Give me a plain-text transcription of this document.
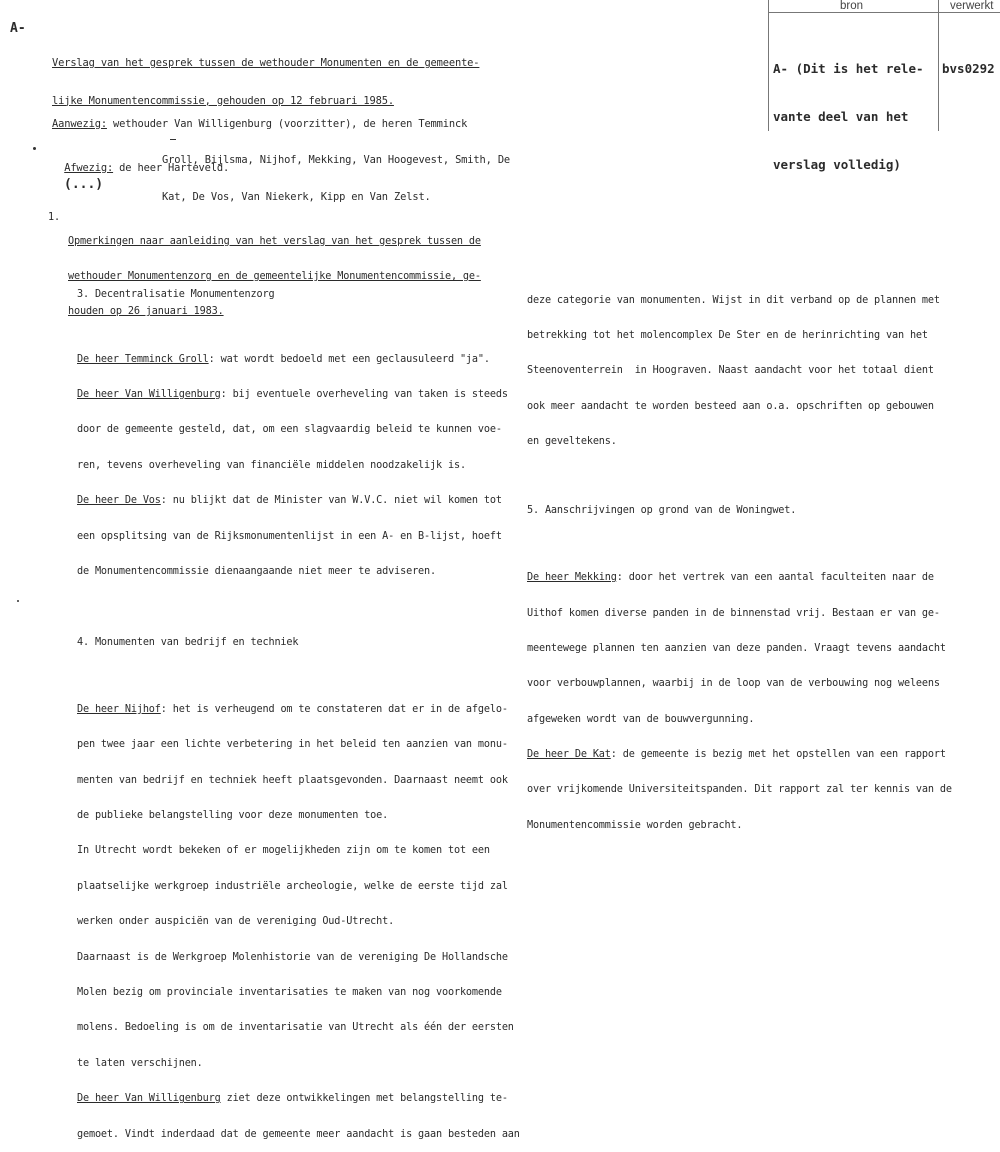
A-
bron	verwerkt

A- (Dit is het rele-

vante deel van het

verslag volledig)

bvs0292

Verslag van het gesprek tussen de wethouder Monumenten en de gemeente-

lijke Monumentencommissie, gehouden op 12 februari 1985.

Aanwezig: wethouder Van Willigenburg (voorzitter), de heren Temminck

Groll, Bijlsma, Nijhof, Mekking, Van Hoogevest, Smith, De

Kat, De Vos, Van Niekerk, Kipp en Van Zelst.

Afwezig: de heer Harteveld.

(...)
1.

Opmerkingen naar aanleiding van het verslag van het gesprek tussen de

wethouder Monumentenzorg en de gemeentelijke Monumentencommissie, ge-

houden op 26 januari 1983.

3. Decentralisatie Monumentenzorg

De heer Temminck Groll: wat wordt bedoeld met een geclausuleerd "ja".

De heer Van Willigenburg: bij eventuele overheveling van taken is steeds

door de gemeente gesteld, dat, om een slagvaardig beleid te kunnen voe-

ren, tevens overheveling van financiële middelen noodzakelijk is.

De heer De Vos: nu blijkt dat de Minister van W.V.C. niet wil komen tot

een opsplitsing van de Rijksmonumentenlijst in een A- en B-lijst, hoeft

de Monumentencommissie dienaangaande niet meer te adviseren.

4. Monumenten van bedrijf en techniek

De heer Nijhof: het is verheugend om te constateren dat er in de afgelo-

pen twee jaar een lichte verbetering in het beleid ten aanzien van monu-

menten van bedrijf en techniek heeft plaatsgevonden. Daarnaast neemt ook

de publieke belangstelling voor deze monumenten toe.

In Utrecht wordt bekeken of er mogelijkheden zijn om te komen tot een

plaatselijke werkgroep industriële archeologie, welke de eerste tijd zal

werken onder auspiciën van de vereniging Oud-Utrecht.

Daarnaast is de Werkgroep Molenhistorie van de vereniging De Hollandsche

Molen bezig om provinciale inventarisaties te maken van nog voorkomende

molens. Bedoeling is om de inventarisatie van Utrecht als één der eersten

te laten verschijnen.

De heer Van Willigenburg ziet deze ontwikkelingen met belangstelling te-

gemoet. Vindt inderdaad dat de gemeente meer aandacht is gaan besteden aan

deze categorie van monumenten. Wijst in dit verband op de plannen met

betrekking tot het molencomplex De Ster en de herinrichting van het

Steenoventerrein  in Hoograven. Naast aandacht voor het totaal dient

ook meer aandacht te worden besteed aan o.a. opschriften op gebouwen

en geveltekens.

5. Aanschrijvingen op grond van de Woningwet.

De heer Mekking: door het vertrek van een aantal faculteiten naar de

Uithof komen diverse panden in de binnenstad vrij. Bestaan er van ge-

meentewege plannen ten aanzien van deze panden. Vraagt tevens aandacht

voor verbouwplannen, waarbij in de loop van de verbouwing nog weleens

afgeweken wordt van de bouwvergunning.

De heer De Kat: de gemeente is bezig met het opstellen van een rapport

over vrijkomende Universiteitspanden. Dit rapport zal ter kennis van de

Monumentencommissie worden gebracht.
